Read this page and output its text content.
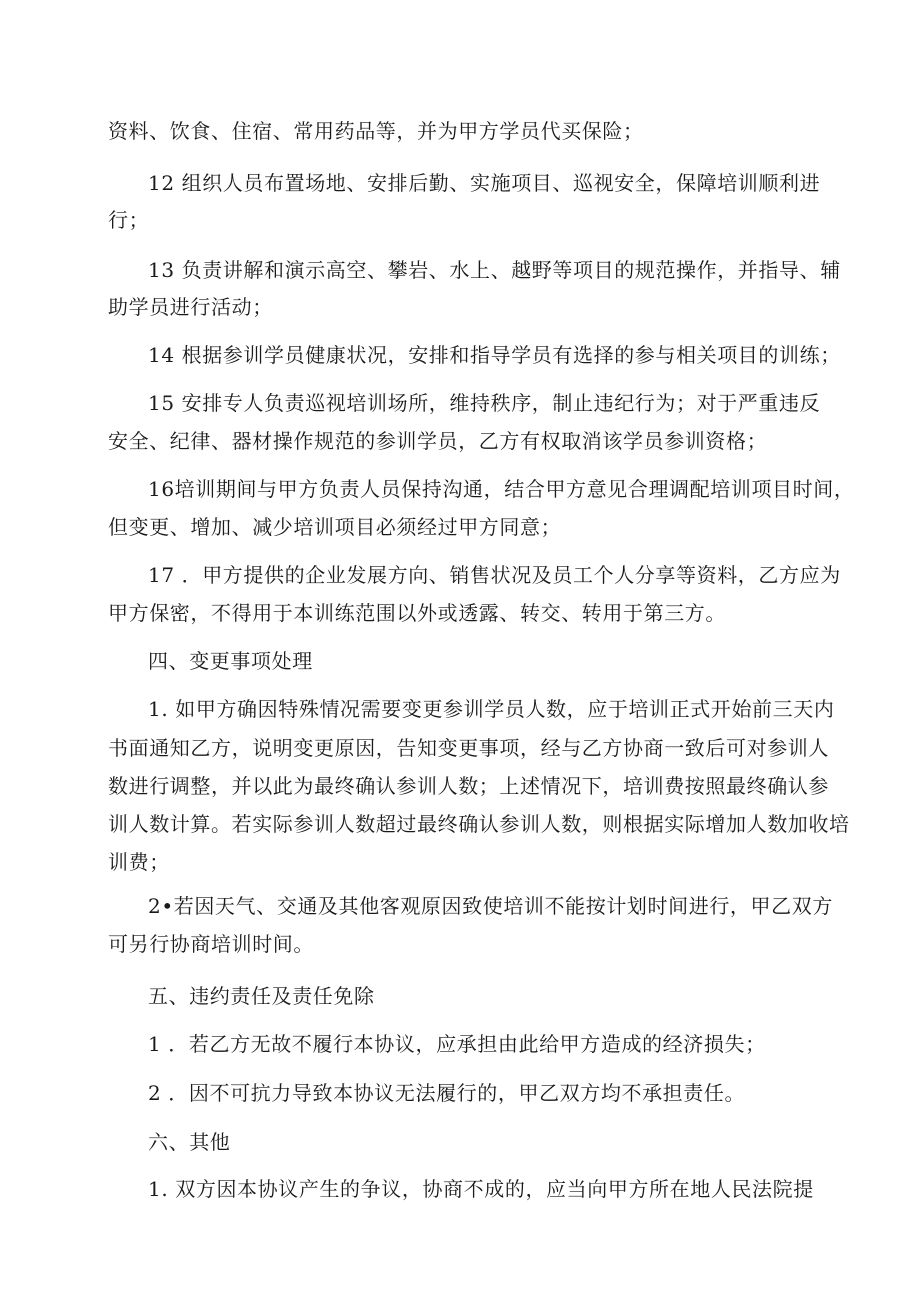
资料、饮食、住宿、常用药品等，并为甲方学员代买保险；
12 组织人员布置场地、安排后勤、实施项目、巡视安全，保障培训顺利进
行；
13 负责讲解和演示高空、攀岩、水上、越野等项目的规范操作，并指导、辅
助学员进行活动；
14 根据参训学员健康状况，安排和指导学员有选择的参与相关项目的训练；
15 安排专人负责巡视培训场所，维持秩序，制止违纪行为；对于严重违反
安全、纪律、器材操作规范的参训学员，乙方有权取消该学员参训资格；
16培训期间与甲方负责人员保持沟通，结合甲方意见合理调配培训项目时间，
但变更、增加、减少培训项目必须经过甲方同意；
17 ．甲方提供的企业发展方向、销售状况及员工个人分享等资料，乙方应为
甲方保密，不得用于本训练范围以外或透露、转交、转用于第三方。
四、变更事项处理
1. 如甲方确因特殊情况需要变更参训学员人数，应于培训正式开始前三天内
书面通知乙方，说明变更原因，告知变更事项，经与乙方协商一致后可对参训人
数进行调整，并以此为最终确认参训人数；上述情况下，培训费按照最终确认参
训人数计算。若实际参训人数超过最终确认参训人数，则根据实际增加人数加收培
训费；
2•若因天气、交通及其他客观原因致使培训不能按计划时间进行，甲乙双方
可另行协商培训时间。
五、违约责任及责任免除
1 ．若乙方无故不履行本协议，应承担由此给甲方造成的经济损失；
2 ．因不可抗力导致本协议无法履行的，甲乙双方均不承担责任。
六、其他
1. 双方因本协议产生的争议，协商不成的，应当向甲方所在地人民法院提
